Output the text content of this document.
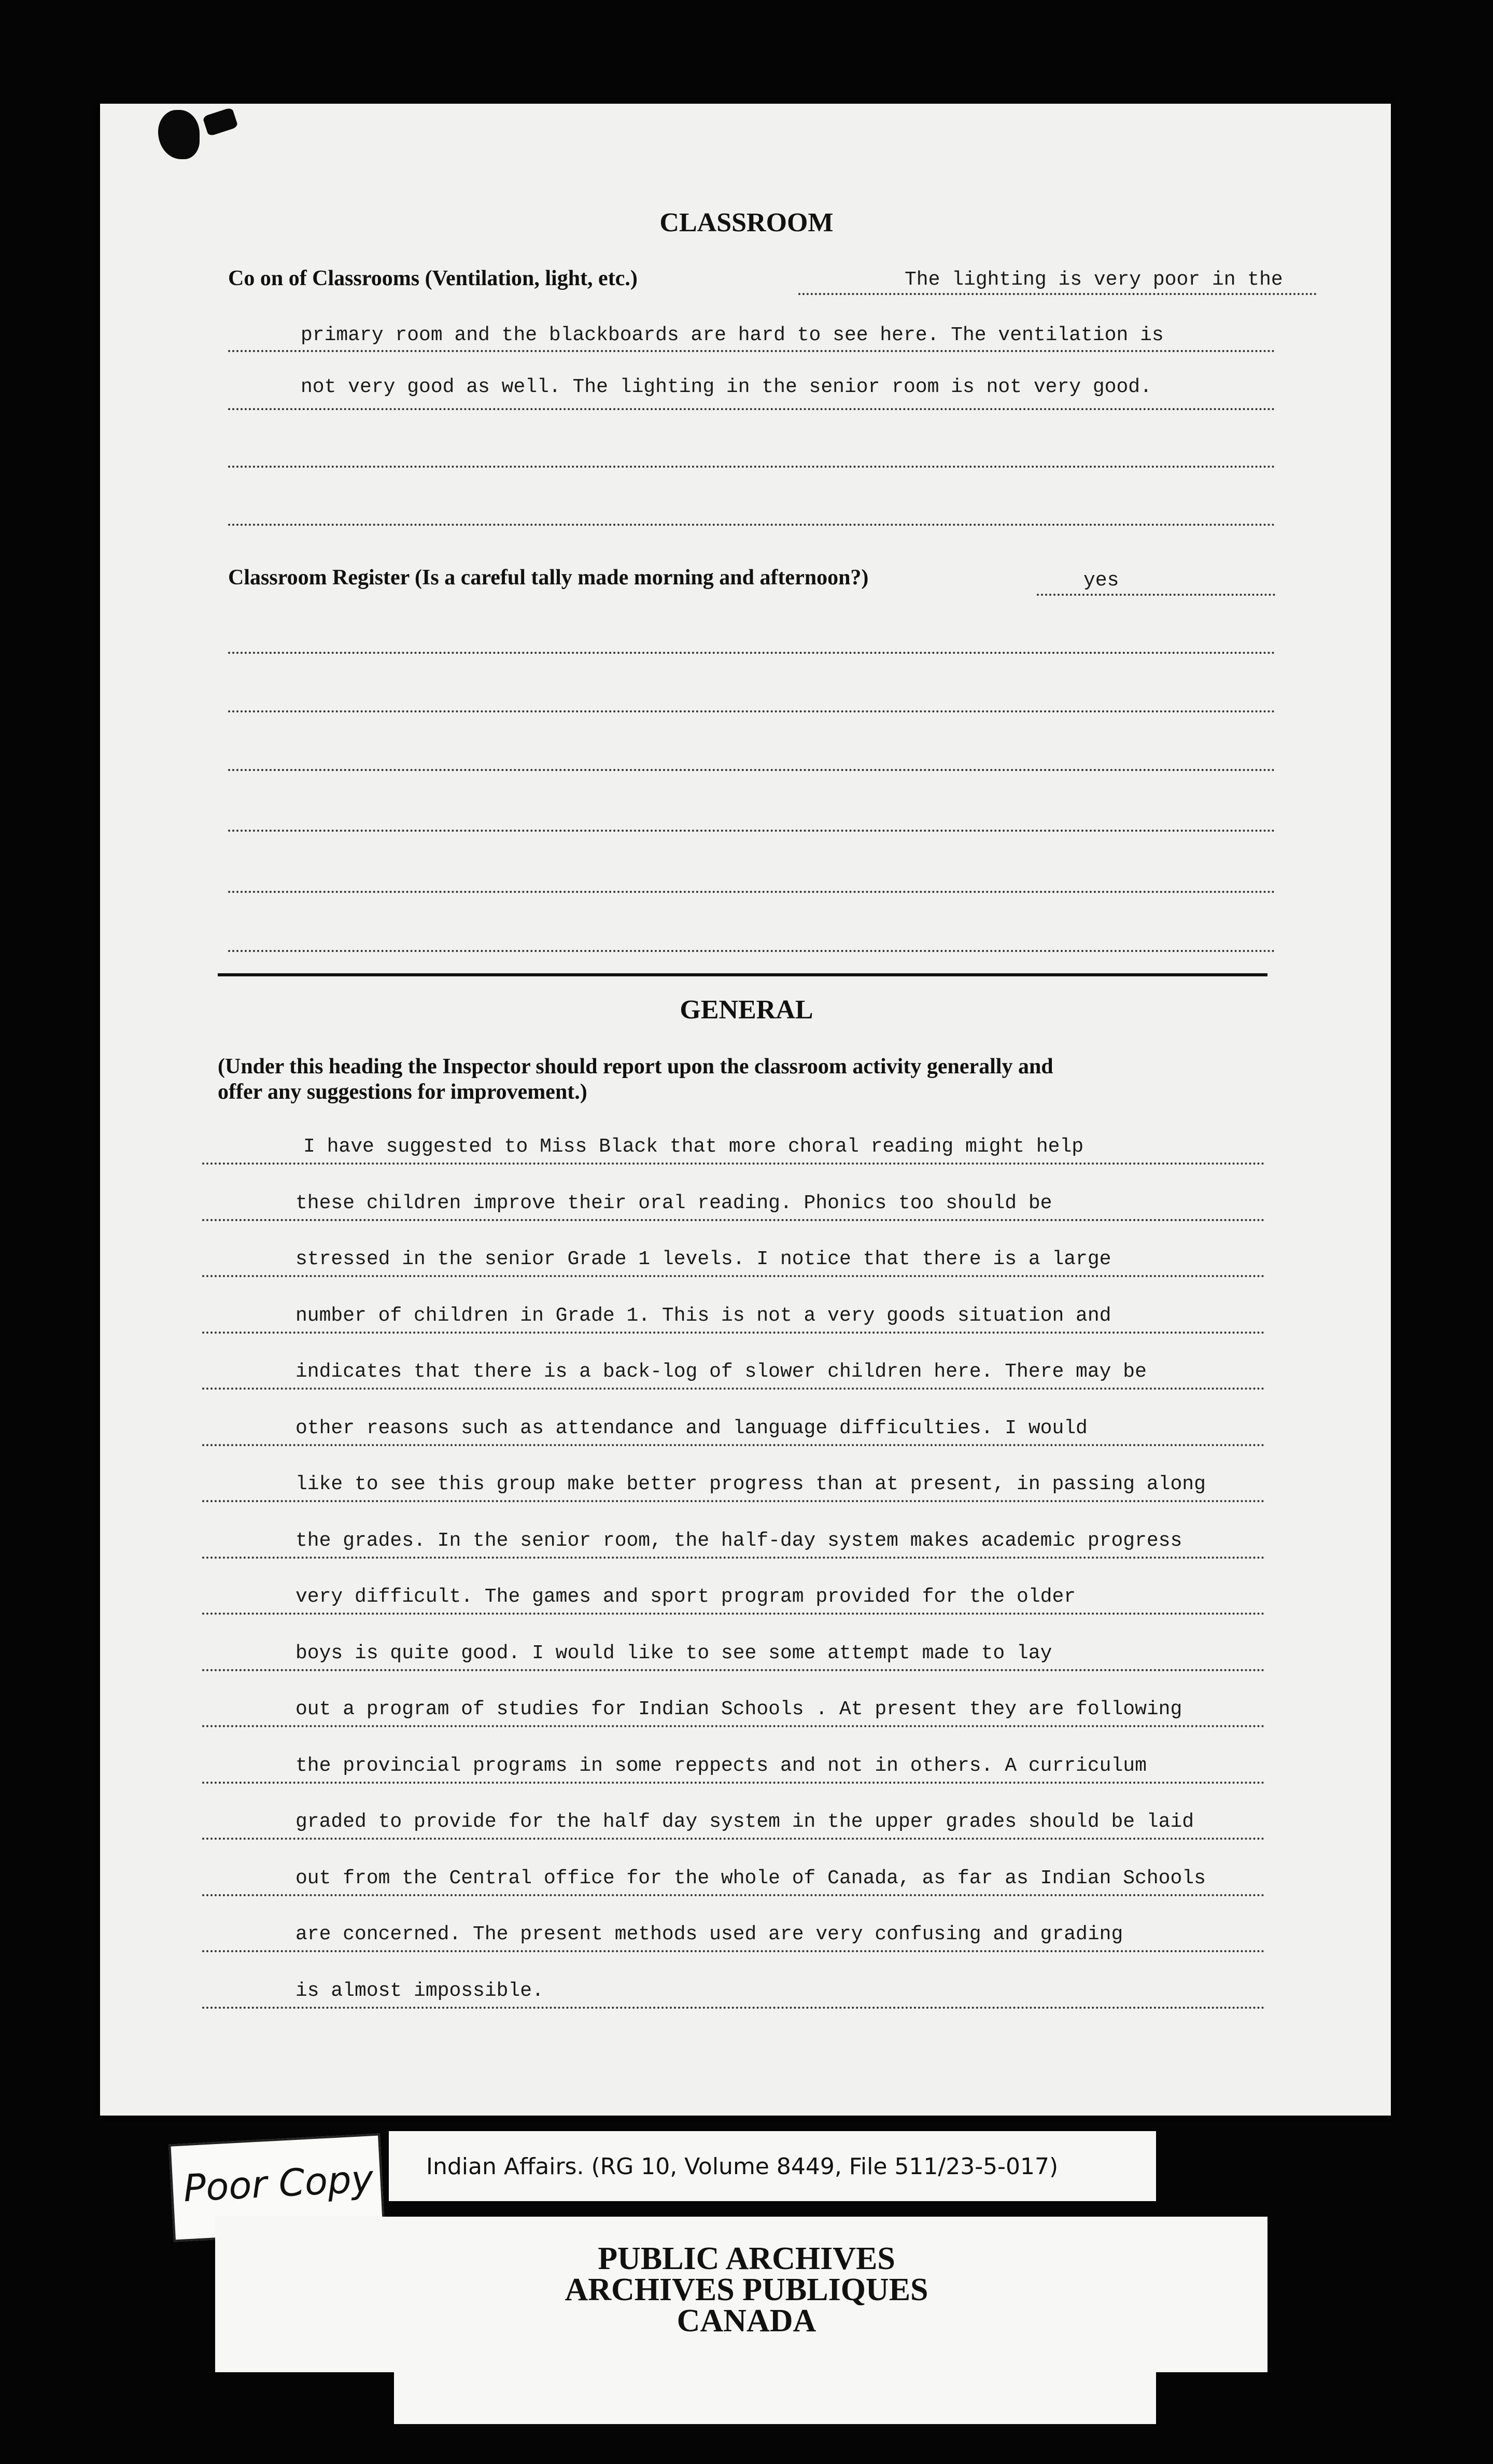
CLASSROOM
Co on of Classrooms (Ventilation, light, etc.)	The lighting is very poor in the
primary room and the blackboards are hard to see here. The ventilation is
not very good as well. The lighting in the senior room is not very good.
Classroom Register (Is a careful tally made morning and afternoon?)	yes
GENERAL
(Under this heading the Inspector should report upon the classroom activity generally and
offer any suggestions for improvement.)
I have suggested to Miss Black that more choral reading might help
these children improve their oral reading. Phonics too should be
stressed in the senior Grade 1 levels. I notice that there is a large
number of children in Grade 1. This is not a very goods situation and
indicates that there is a back-log of slower children here. There may be
other reasons such as attendance and language difficulties. I would
like to see this group make better progress than at present, in passing along
the grades. In the senior room, the half-day system makes academic progress
very difficult. The games and sport program provided for the older
boys is quite good. I would like to see some attempt made to lay
out a program of studies for Indian Schools . At present they are following
the provincial programs in some reppects and not in others. A curriculum
graded to provide for the half day system in the upper grades should be laid
out from the Central office for the whole of Canada, as far as Indian Schools
are concerned. The present methods used are very confusing and grading
is almost impossible.
Poor Copy Indian Affairs. (RG 10, Volume 8449, File 511/23-5-017)
PUBLIC ARCHIVES
ARCHIVES PUBLIQUES
CANADA
